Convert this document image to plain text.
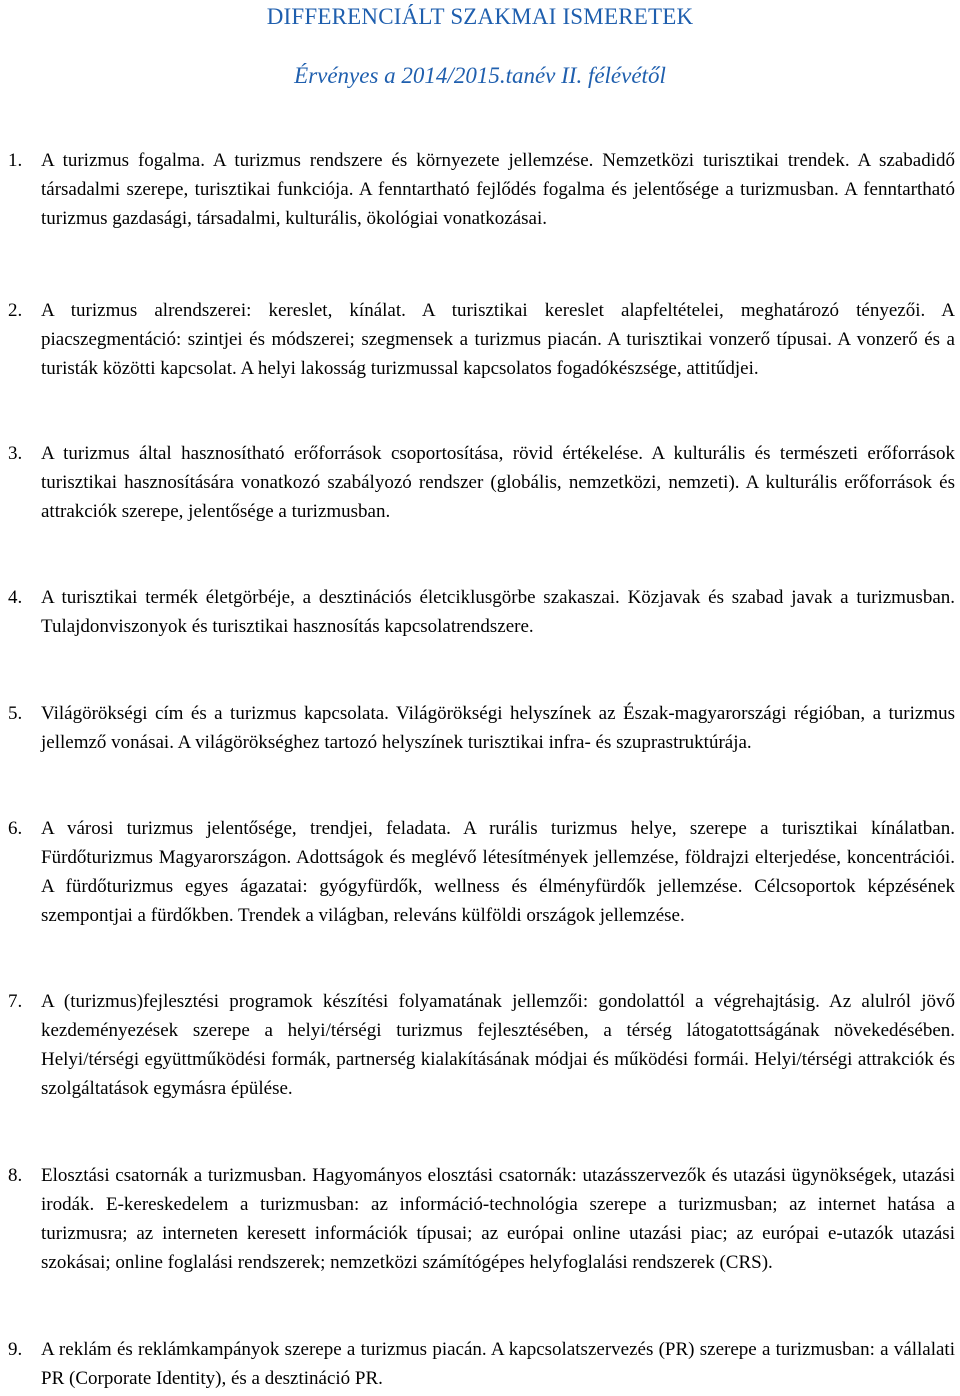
DIFFERENCIÁLT SZAKMAI ISMERETEK

Érvényes a 2014/2015.tanév II. félévétől

1. A turizmus fogalma. A turizmus rendszere és környezete jellemzése. Nemzetközi turisztikai trendek. A szabadidő társadalmi szerepe, turisztikai funkciója. A fenntartható fejlődés fogalma és jelentősége a turizmusban. A fenntartható turizmus gazdasági, társadalmi, kulturális, ökológiai vonatkozásai.

2. A turizmus alrendszerei: kereslet, kínálat. A turisztikai kereslet alapfeltételei, meghatározó tényezői. A piacszegmentáció: szintjei és módszerei; szegmensek a turizmus piacán. A turisztikai vonzerő típusai. A vonzerő és a turisták közötti kapcsolat. A helyi lakosság turizmussal kapcsolatos fogadókészsége, attitűdjei.

3. A turizmus által hasznosítható erőforrások csoportosítása, rövid értékelése. A kulturális és természeti erőforrások turisztikai hasznosítására vonatkozó szabályozó rendszer (globális, nemzetközi, nemzeti). A kulturális erőforrások és attrakciók szerepe, jelentősége a turizmusban.

4. A turisztikai termék életgörbéje, a desztinációs életciklusgörbe szakaszai. Közjavak és szabad javak a turizmusban. Tulajdonviszonyok és turisztikai hasznosítás kapcsolatrendszere.

5. Világörökségi cím és a turizmus kapcsolata. Világörökségi helyszínek az Észak-magyarországi régióban, a turizmus jellemző vonásai. A világörökséghez tartozó helyszínek turisztikai infra- és szuprastruktúrája.

6. A városi turizmus jelentősége, trendjei, feladata. A rurális turizmus helye, szerepe a turisztikai kínálatban. Fürdőturizmus Magyarországon. Adottságok és meglévő létesítmények jellemzése, földrajzi elterjedése, koncentrációi. A fürdőturizmus egyes ágazatai: gyógyfürdők, wellness és élményfürdők jellemzése. Célcsoportok képzésének szempontjai a fürdőkben. Trendek a világban, releváns külföldi országok jellemzése.

7. A (turizmus)fejlesztési programok készítési folyamatának jellemzői: gondolattól a végrehajtásig. Az alulról jövő kezdeményezések szerepe a helyi/térségi turizmus fejlesztésében, a térség látogatottságának növekedésében. Helyi/térségi együttműködési formák, partnerség kialakításának módjai és működési formái. Helyi/térségi attrakciók és szolgáltatások egymásra épülése.

8. Elosztási csatornák a turizmusban. Hagyományos elosztási csatornák: utazásszervezők és utazási ügynökségek, utazási irodák. E-kereskedelem a turizmusban: az információ-technológia szerepe a turizmusban; az internet hatása a turizmusra; az interneten keresett információk típusai; az európai online utazási piac; az európai e-utazók utazási szokásai; online foglalási rendszerek; nemzetközi számítógépes helyfoglalási rendszerek (CRS).

9. A reklám és reklámkampányok szerepe a turizmus piacán. A kapcsolatszervezés (PR) szerepe a turizmusban: a vállalati PR (Corporate Identity), és a desztináció PR.
